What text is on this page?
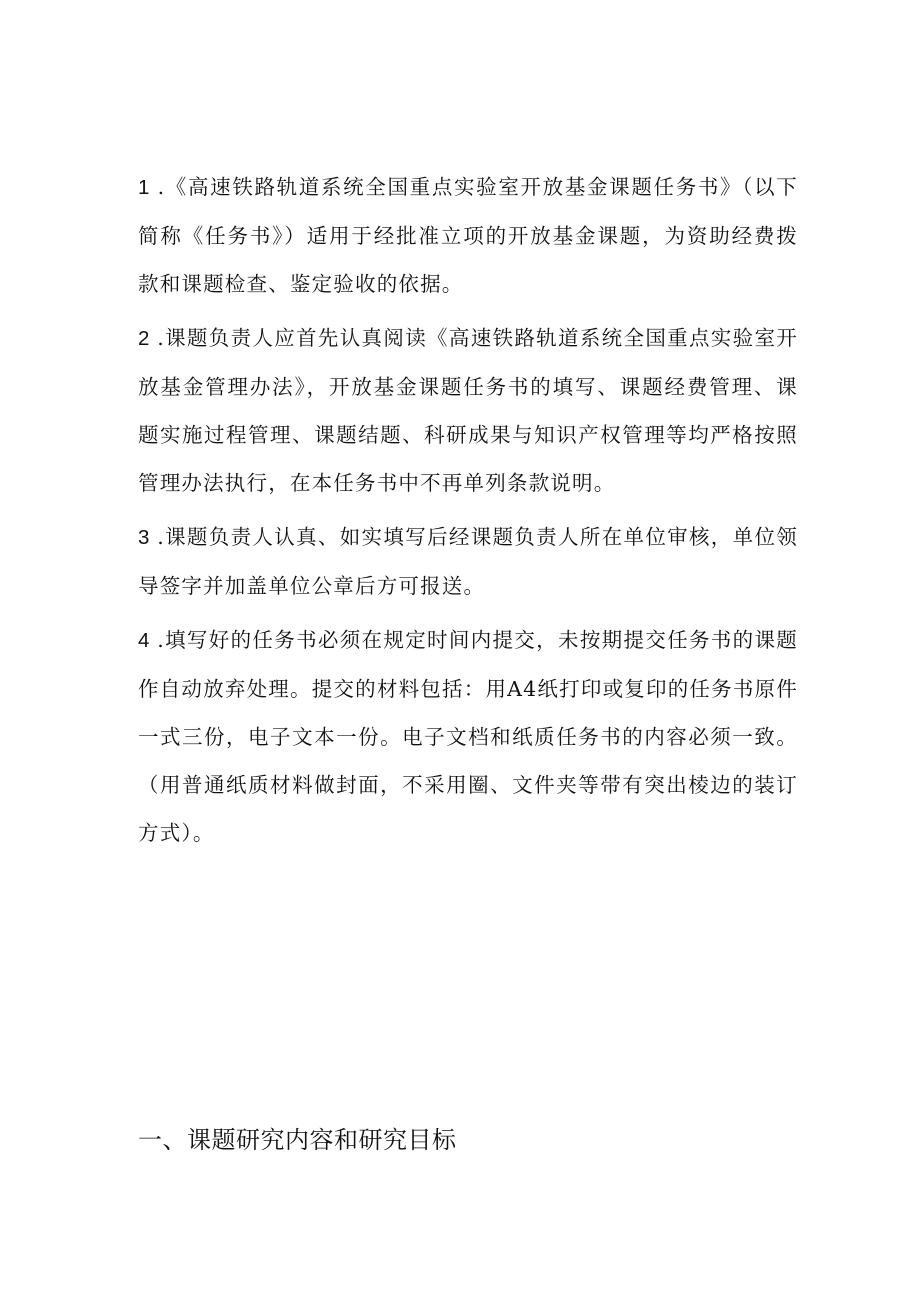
1 .《高速铁路轨道系统全国重点实验室开放基金课题任务书》（以下简称《任务书》）适用于经批准立项的开放基金课题，为资助经费拨款和课题检查、鉴定验收的依据。

2 .课题负责人应首先认真阅读《高速铁路轨道系统全国重点实验室开放基金管理办法》，开放基金课题任务书的填写、课题经费管理、课题实施过程管理、课题结题、科研成果与知识产权管理等均严格按照管理办法执行，在本任务书中不再单列条款说明。

3 .课题负责人认真、如实填写后经课题负责人所在单位审核，单位领导签字并加盖单位公章后方可报送。

4 .填写好的任务书必须在规定时间内提交，未按期提交任务书的课题作自动放弃处理。提交的材料包括：用A4纸打印或复印的任务书原件一式三份，电子文本一份。电子文档和纸质任务书的内容必须一致。（用普通纸质材料做封面，不采用圈、文件夹等带有突出棱边的装订方式）。

一、课题研究内容和研究目标
